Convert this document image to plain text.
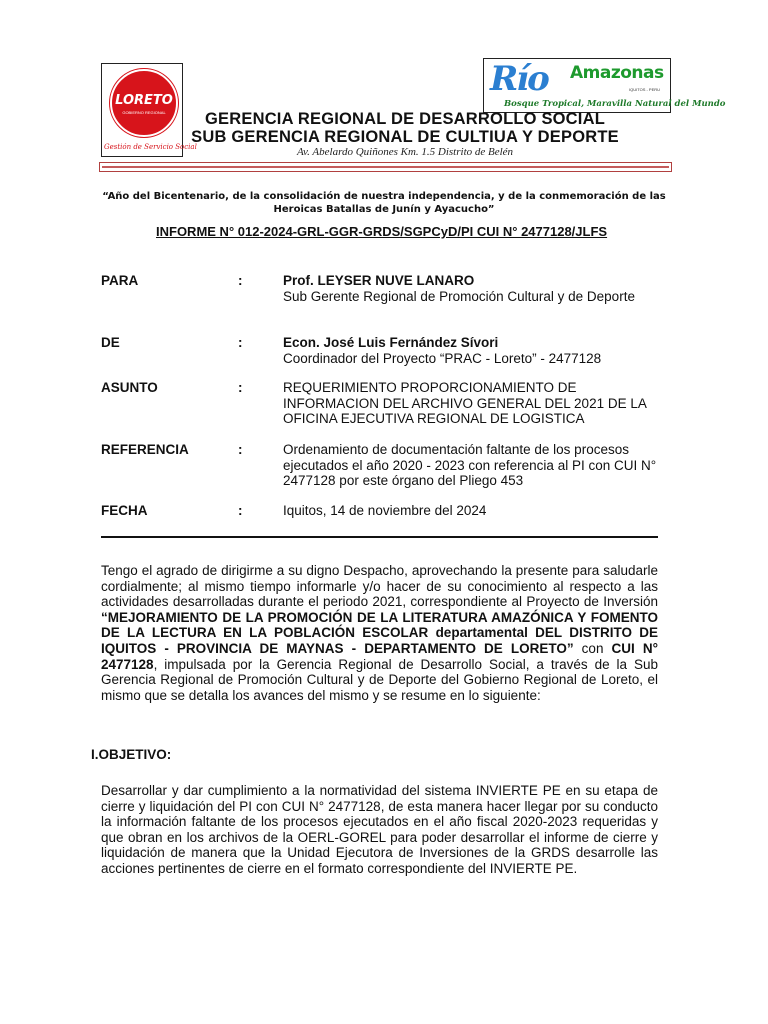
LORETO
GOBIERNO REGIONAL
Gestión de Servicio Social
Río Amazonas
IQUITOS - PERU
Bosque Tropical, Maravilla Natural del Mundo
GERENCIA REGIONAL DE DESARROLLO SOCIAL
SUB GERENCIA REGIONAL DE CULTIUA Y DEPORTE
Av. Abelardo Quiñones Km. 1.5 Distrito de Belén
“Año del Bicentenario, de la consolidación de nuestra independencia, y de la conmemoración de las Heroicas Batallas de Junín y Ayacucho”
INFORME N° 012-2024-GRL-GGR-GRDS/SGPCyD/PI CUI N° 2477128/JLFS
PARA	:	Prof. LEYSER NUVE LANARO
Sub Gerente Regional de Promoción Cultural y de Deporte
DE	:	Econ. José Luis Fernández Sívori
Coordinador del Proyecto “PRAC - Loreto” - 2477128
ASUNTO	:	REQUERIMIENTO PROPORCIONAMIENTO DE INFORMACION DEL ARCHIVO GENERAL DEL 2021 DE LA OFICINA EJECUTIVA REGIONAL DE LOGISTICA
REFERENCIA	:	Ordenamiento de documentación faltante de los procesos ejecutados el año 2020 - 2023 con referencia al PI con CUI N° 2477128 por este órgano del Pliego 453
FECHA	:	Iquitos, 14 de noviembre del 2024
Tengo el agrado de dirigirme a su digno Despacho, aprovechando la presente para saludarle cordialmente; al mismo tiempo informarle y/o hacer de su conocimiento al respecto a las actividades desarrolladas durante el periodo 2021, correspondiente al Proyecto de Inversión “MEJORAMIENTO DE LA PROMOCIÓN DE LA LITERATURA AMAZÓNICA Y FOMENTO DE LA LECTURA EN LA POBLACIÓN ESCOLAR departamental DEL DISTRITO DE IQUITOS - PROVINCIA DE MAYNAS - DEPARTAMENTO DE LORETO” con CUI N° 2477128, impulsada por la Gerencia Regional de Desarrollo Social, a través de la Sub Gerencia Regional de Promoción Cultural y de Deporte del Gobierno Regional de Loreto, el mismo que se detalla los avances del mismo y se resume en lo siguiente:
I.OBJETIVO:
Desarrollar y dar cumplimiento a la normatividad del sistema INVIERTE PE en su etapa de cierre y liquidación del PI con CUI N° 2477128, de esta manera hacer llegar por su conducto la información faltante de los procesos ejecutados en el año fiscal 2020-2023 requeridas y que obran en los archivos de la OERL-GOREL para poder desarrollar el informe de cierre y liquidación de manera que la Unidad Ejecutora de Inversiones de la GRDS desarrolle las acciones pertinentes de cierre en el formato correspondiente del INVIERTE PE.
